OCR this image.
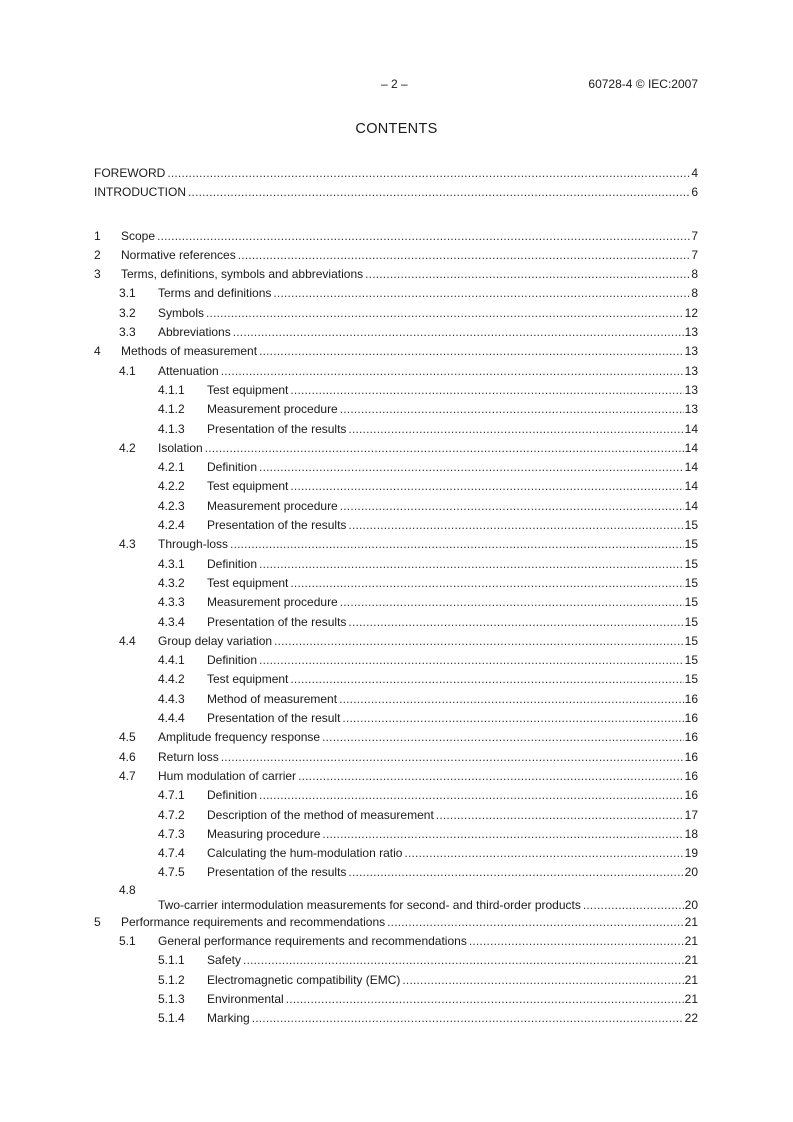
– 2 –	60728-4 © IEC:2007
CONTENTS
FOREWORD .....	4
INTRODUCTION .....	6
1 Scope .....	7
2 Normative references .....	7
3 Terms, definitions, symbols and abbreviations .....	8
3.1 Terms and definitions .....	8
3.2 Symbols .....	12
3.3 Abbreviations .....	13
4 Methods of measurement .....	13
4.1 Attenuation .....	13
4.1.1 Test equipment .....	13
4.1.2 Measurement procedure .....	13
4.1.3 Presentation of the results .....	14
4.2 Isolation .....	14
4.2.1 Definition .....	14
4.2.2 Test equipment .....	14
4.2.3 Measurement procedure .....	14
4.2.4 Presentation of the results .....	15
4.3 Through-loss .....	15
4.3.1 Definition .....	15
4.3.2 Test equipment .....	15
4.3.3 Measurement procedure .....	15
4.3.4 Presentation of the results .....	15
4.4 Group delay variation .....	15
4.4.1 Definition .....	15
4.4.2 Test equipment .....	15
4.4.3 Method of measurement .....	16
4.4.4 Presentation of the result .....	16
4.5 Amplitude frequency response .....	16
4.6 Return loss .....	16
4.7 Hum modulation of carrier .....	16
4.7.1 Definition .....	16
4.7.2 Description of the method of measurement .....	17
4.7.3 Measuring procedure .....	18
4.7.4 Calculating the hum-modulation ratio .....	19
4.7.5 Presentation of the results .....	20
4.8
Two-carrier intermodulation measurements for second- and third-order products .....	20
5 Performance requirements and recommendations .....	21
5.1 General performance requirements and recommendations .....	21
5.1.1 Safety .....	21
5.1.2 Electromagnetic compatibility (EMC) .....	21
5.1.3 Environmental .....	21
5.1.4 Marking .....	22
